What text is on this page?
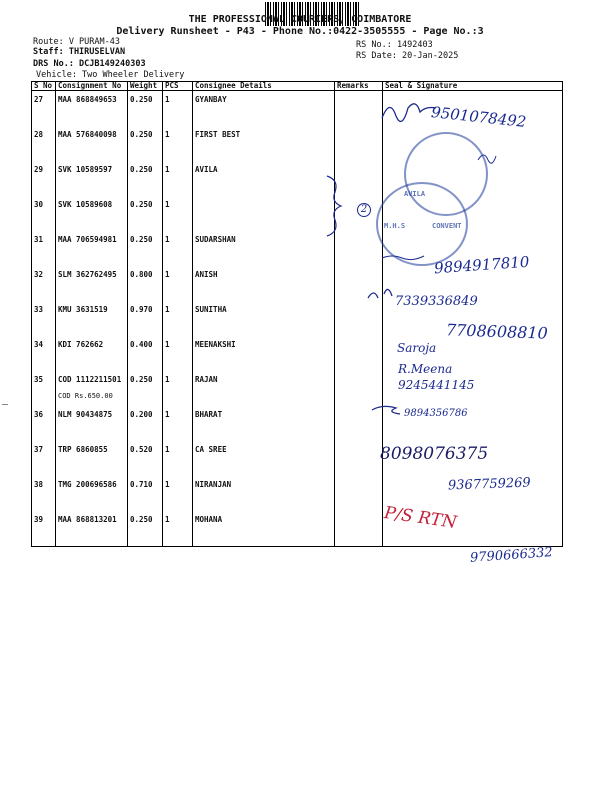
THE PROFESSIONAL COURIERS, COIMBATORE
Delivery Runsheet - P43 - Phone No.:0422-3505555 - Page No.:3
Route: V PURAM-43
Staff: THIRUSELVAN
DRS No.: DCJB149240303
Vehicle: Two Wheeler Delivery
RS No.: 1492403
RS Date: 20-Jan-2025
S No	Consignment No	Weight	PCS	Consignee Details	Remarks	Seal & Signature
27	MAA 868849653	0.250	1	GYANBAY		
28	MAA 576840098	0.250	1	FIRST BEST		
29	SVK 10589597	0.250	1	AVILA		
30	SVK 10589608	0.250	1			
31	MAA 706594981	0.250	1	SUDARSHAN		
32	SLM 362762495	0.800	1	ANISH		
33	KMU 3631519	0.970	1	SUNITHA		
34	KDI 762662	0.400	1	MEENAKSHI		
35	COD 1112211501
COD Rs.650.00	0.250	1	RAJAN		
36	NLM 90434875	0.200	1	BHARAT		
37	TRP 6860855	0.520	1	CA SREE		
38	TMG 200696586	0.710	1	NIRANJAN		
39	MAA 868813201	0.250	1	MOHANA		
AVILA
CONVENT
M.H.S
2
9501078492
9894917810
7339336849
7708608810
Saroja
R.Meena
9245441145
9894356786
8098076375
9367759269
P/S RTN
9790666332
